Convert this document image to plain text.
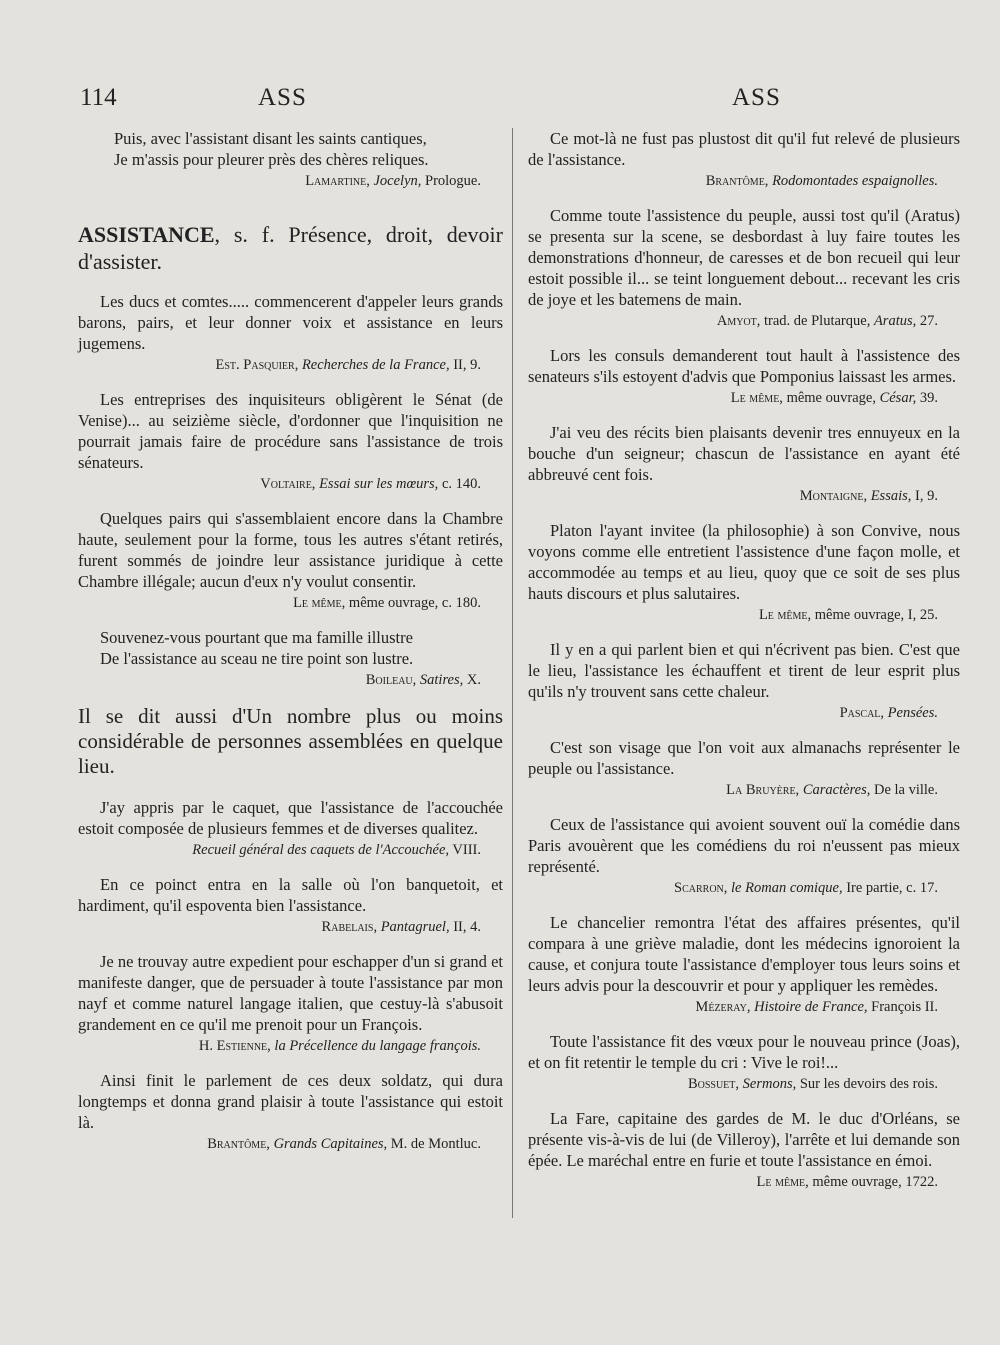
114	ASS	ASS
Puis, avec l'assistant disant les saints cantiques,
Je m'assis pour pleurer près des chères reliques.
Lamartine, Jocelyn, Prologue.
ASSISTANCE, s. f. Présence, droit, devoir d'assister.

Les ducs et comtes..... commencerent d'appeler leurs grands barons, pairs, et leur donner voix et assistance en leurs jugemens.

Est. Pasquier, Recherches de la France, II, 9.

Les entreprises des inquisiteurs obligèrent le Sénat (de Venise)... au seizième siècle, d'ordonner que l'inquisition ne pourrait jamais faire de procédure sans l'assistance de trois sénateurs.

Voltaire, Essai sur les mœurs, c. 140.

Quelques pairs qui s'assemblaient encore dans la Chambre haute, seulement pour la forme, tous les autres s'étant retirés, furent sommés de joindre leur assistance juridique à cette Chambre illégale; aucun d'eux n'y voulut consentir.

Le même, même ouvrage, c. 180.
Souvenez-vous pourtant que ma famille illustre
De l'assistance au sceau ne tire point son lustre.
Boileau, Satires, X.
Il se dit aussi d'Un nombre plus ou moins considérable de personnes assemblées en quelque lieu.

J'ay appris par le caquet, que l'assistance de l'accouchée estoit composée de plusieurs femmes et de diverses qualitez.

Recueil général des caquets de l'Accouchée, VIII.

En ce poinct entra en la salle où l'on banquetoit, et hardiment, qu'il espoventa bien l'assistance.

Rabelais, Pantagruel, II, 4.

Je ne trouvay autre expedient pour eschapper d'un si grand et manifeste danger, que de persuader à toute l'assistance par mon nayf et comme naturel langage italien, que cestuy-là s'abusoit grandement en ce qu'il me prenoit pour un François.

H. Estienne, la Précellence du langage françois.

Ainsi finit le parlement de ces deux soldatz, qui dura longtemps et donna grand plaisir à toute l'assistance qui estoit là.

Brantôme, Grands Capitaines, M. de Montluc.

Ce mot-là ne fust pas plustost dit qu'il fut relevé de plusieurs de l'assistance.

Brantôme, Rodomontades espaignolles.

Comme toute l'assistence du peuple, aussi tost qu'il (Aratus) se presenta sur la scene, se desbordast à luy faire toutes les demonstrations d'honneur, de caresses et de bon recueil qui leur estoit possible il... se teint longuement debout... recevant les cris de joye et les batemens de main.

Amyot, trad. de Plutarque, Aratus, 27.

Lors les consuls demanderent tout hault à l'assistence des senateurs s'ils estoyent d'advis que Pomponius laissast les armes.

Le même, même ouvrage, César, 39.

J'ai veu des récits bien plaisants devenir tres ennuyeux en la bouche d'un seigneur; chascun de l'assistance en ayant été abbreuvé cent fois.

Montaigne, Essais, I, 9.

Platon l'ayant invitee (la philosophie) à son Convive, nous voyons comme elle entretient l'assistence d'une façon molle, et accommodée au temps et au lieu, quoy que ce soit de ses plus hauts discours et plus salutaires.

Le même, même ouvrage, I, 25.

Il y en a qui parlent bien et qui n'écrivent pas bien. C'est que le lieu, l'assistance les échauffent et tirent de leur esprit plus qu'ils n'y trouvent sans cette chaleur.

Pascal, Pensées.

C'est son visage que l'on voit aux almanachs représenter le peuple ou l'assistance.

La Bruyère, Caractères, De la ville.

Ceux de l'assistance qui avoient souvent ouï la comédie dans Paris avouèrent que les comédiens du roi n'eussent pas mieux représenté.

Scarron, le Roman comique, Ire partie, c. 17.

Le chancelier remontra l'état des affaires présentes, qu'il compara à une griève maladie, dont les médecins ignoroient la cause, et conjura toute l'assistance d'employer tous leurs soins et leurs advis pour la descouvrir et pour y appliquer les remèdes.

Mézeray, Histoire de France, François II.

Toute l'assistance fit des vœux pour le nouveau prince (Joas), et on fit retentir le temple du cri : Vive le roi!...

Bossuet, Sermons, Sur les devoirs des rois.

La Fare, capitaine des gardes de M. le duc d'Orléans, se présente vis-à-vis de lui (de Villeroy), l'arrête et lui demande son épée. Le maréchal entre en furie et toute l'assistance en émoi.

Le même, même ouvrage, 1722.
